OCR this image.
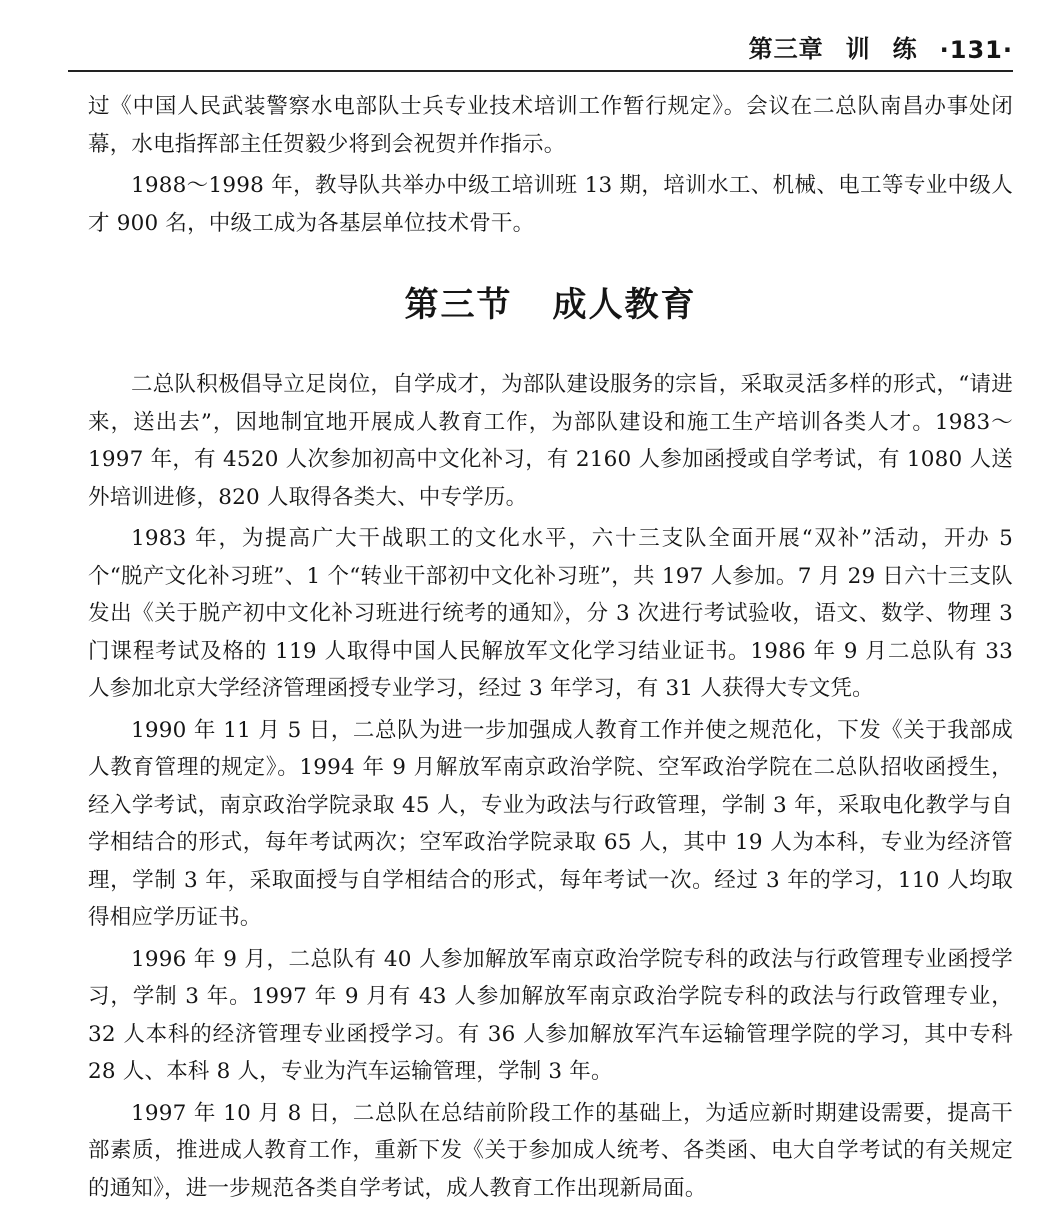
第三章 训 练 ·131·

过《中国人民武装警察水电部队士兵专业技术培训工作暂行规定》。会议在二总队南昌办事处闭幕，水电指挥部主任贺毅少将到会祝贺并作指示。

1988～1998 年，教导队共举办中级工培训班 13 期，培训水工、机械、电工等专业中级人才 900 名，中级工成为各基层单位技术骨干。

第三节 成人教育

二总队积极倡导立足岗位，自学成才，为部队建设服务的宗旨，采取灵活多样的形式，“请进来，送出去”，因地制宜地开展成人教育工作，为部队建设和施工生产培训各类人才。1983～1997 年，有 4520 人次参加初高中文化补习，有 2160 人参加函授或自学考试，有 1080 人送外培训进修，820 人取得各类大、中专学历。

1983 年，为提高广大干战职工的文化水平，六十三支队全面开展“双补”活动，开办 5 个“脱产文化补习班”、1 个“转业干部初中文化补习班”，共 197 人参加。7 月 29 日六十三支队发出《关于脱产初中文化补习班进行统考的通知》，分 3 次进行考试验收，语文、数学、物理 3 门课程考试及格的 119 人取得中国人民解放军文化学习结业证书。1986 年 9 月二总队有 33 人参加北京大学经济管理函授专业学习，经过 3 年学习，有 31 人获得大专文凭。

1990 年 11 月 5 日，二总队为进一步加强成人教育工作并使之规范化，下发《关于我部成人教育管理的规定》。1994 年 9 月解放军南京政治学院、空军政治学院在二总队招收函授生，经入学考试，南京政治学院录取 45 人，专业为政法与行政管理，学制 3 年，采取电化教学与自学相结合的形式，每年考试两次；空军政治学院录取 65 人，其中 19 人为本科，专业为经济管理，学制 3 年，采取面授与自学相结合的形式，每年考试一次。经过 3 年的学习，110 人均取得相应学历证书。

1996 年 9 月，二总队有 40 人参加解放军南京政治学院专科的政法与行政管理专业函授学习，学制 3 年。1997 年 9 月有 43 人参加解放军南京政治学院专科的政法与行政管理专业，32 人本科的经济管理专业函授学习。有 36 人参加解放军汽车运输管理学院的学习，其中专科 28 人、本科 8 人，专业为汽车运输管理，学制 3 年。

1997 年 10 月 8 日，二总队在总结前阶段工作的基础上，为适应新时期建设需要，提高干部素质，推进成人教育工作，重新下发《关于参加成人统考、各类函、电大自学考试的有关规定的通知》，进一步规范各类自学考试，成人教育工作出现新局面。
